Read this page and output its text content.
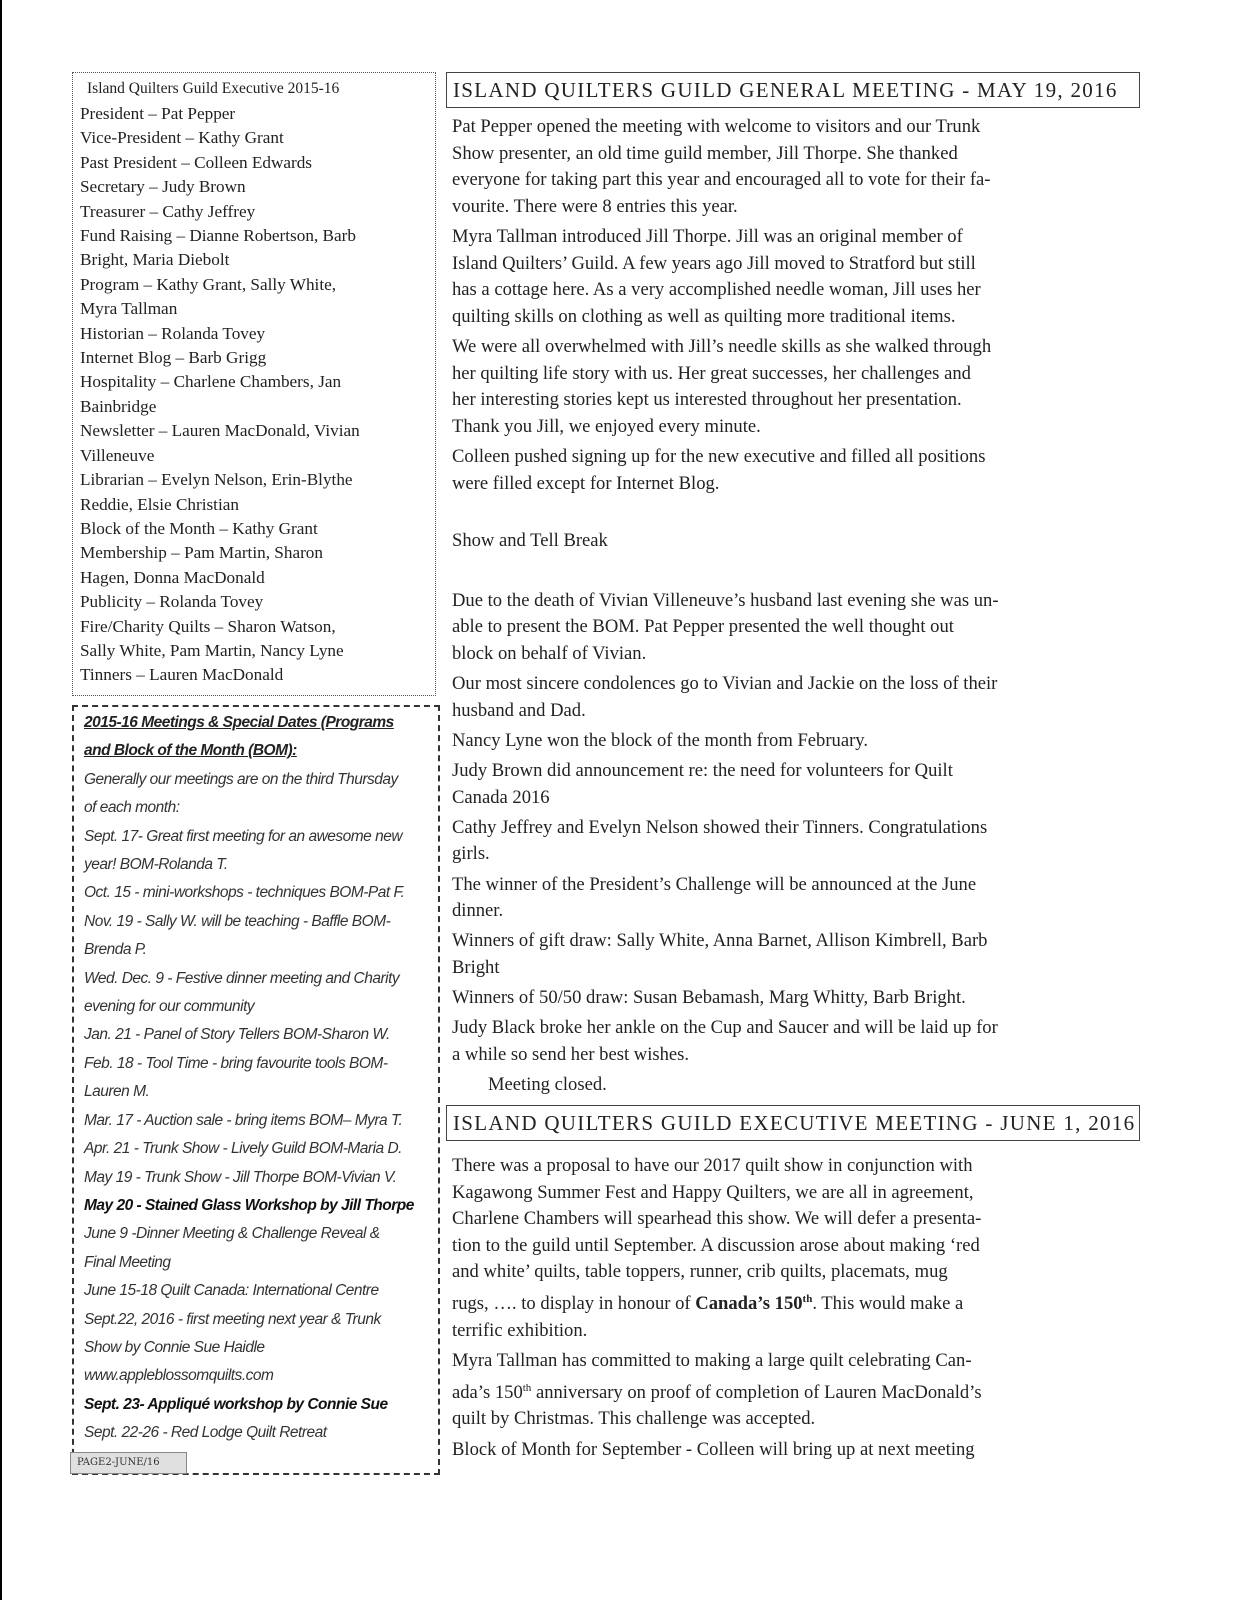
Island Quilters Guild Executive 2015-16
President – Pat Pepper
Vice-President – Kathy Grant
Past President – Colleen Edwards
Secretary – Judy Brown
Treasurer – Cathy Jeffrey
Fund Raising – Dianne Robertson, Barb
Bright, Maria Diebolt
Program – Kathy Grant, Sally White,
Myra Tallman
Historian – Rolanda Tovey
Internet Blog – Barb Grigg
Hospitality – Charlene Chambers, Jan
Bainbridge
Newsletter – Lauren MacDonald, Vivian
Villeneuve
Librarian – Evelyn Nelson, Erin-Blythe
Reddie, Elsie Christian
Block of the Month – Kathy Grant
Membership – Pam Martin, Sharon
Hagen, Donna MacDonald
Publicity – Rolanda Tovey
Fire/Charity Quilts – Sharon Watson,
Sally White, Pam Martin, Nancy Lyne
Tinners – Lauren MacDonald
2015-16 Meetings & Special Dates (Programs
and Block of the Month (BOM):
Generally our meetings are on the third Thursday
of each month:
Sept. 17- Great first meeting for an awesome new
year! BOM-Rolanda T.
Oct. 15 - mini-workshops - techniques BOM-Pat F.
Nov. 19 - Sally W. will be teaching - Baffle BOM-
Brenda P.
Wed. Dec. 9 - Festive dinner meeting and Charity
evening for our community
Jan. 21 - Panel of Story Tellers BOM-Sharon W.
Feb. 18 - Tool Time - bring favourite tools BOM-
Lauren M.
Mar. 17 - Auction sale - bring items BOM– Myra T.
Apr. 21 - Trunk Show - Lively Guild BOM-Maria D.
May 19 - Trunk Show - Jill Thorpe BOM-Vivian V.
May 20 - Stained Glass Workshop by Jill Thorpe
June 9 -Dinner Meeting & Challenge Reveal &
Final Meeting
June 15-18 Quilt Canada: International Centre
Sept.22, 2016 - first meeting next year & Trunk
Show by Connie Sue Haidle
www.appleblossomquilts.com
Sept. 23- Appliqué workshop by Connie Sue
Sept. 22-26 - Red Lodge Quilt Retreat
PAGE2-JUNE/16
ISLAND QUILTERS GUILD GENERAL MEETING - MAY 19, 2016
Pat Pepper opened the meeting with welcome to visitors and our Trunk
Show presenter, an old time guild member, Jill Thorpe. She thanked
everyone for taking part this year and encouraged all to vote for their fa-
vourite. There were 8 entries this year.
Myra Tallman introduced Jill Thorpe. Jill was an original member of
Island Quilters’ Guild. A few years ago Jill moved to Stratford but still
has a cottage here. As a very accomplished needle woman, Jill uses her
quilting skills on clothing as well as quilting more traditional items.
We were all overwhelmed with Jill’s needle skills as she walked through
her quilting life story with us. Her great successes, her challenges and
her interesting stories kept us interested throughout her presentation.
Thank you Jill, we enjoyed every minute.
Colleen pushed signing up for the new executive and filled all positions
were filled except for Internet Blog.
Show and Tell Break
Due to the death of Vivian Villeneuve’s husband last evening she was un-
able to present the BOM. Pat Pepper presented the well thought out
block on behalf of Vivian.
Our most sincere condolences go to Vivian and Jackie on the loss of their
husband and Dad.
Nancy Lyne won the block of the month from February.
Judy Brown did announcement re: the need for volunteers for Quilt
Canada 2016
Cathy Jeffrey and Evelyn Nelson showed their Tinners. Congratulations
girls.
The winner of the President’s Challenge will be announced at the June
dinner.
Winners of gift draw: Sally White, Anna Barnet, Allison Kimbrell, Barb
Bright
Winners of 50/50 draw: Susan Bebamash, Marg Whitty, Barb Bright.
Judy Black broke her ankle on the Cup and Saucer and will be laid up for
a while so send her best wishes.
Meeting closed.
ISLAND QUILTERS GUILD EXECUTIVE MEETING - JUNE 1, 2016
There was a proposal to have our 2017 quilt show in conjunction with
Kagawong Summer Fest and Happy Quilters, we are all in agreement,
Charlene Chambers will spearhead this show. We will defer a presenta-
tion to the guild until September. A discussion arose about making ‘red
and white’ quilts, table toppers, runner, crib quilts, placemats, mug
rugs, …. to display in honour of Canada’s 150th. This would make a
terrific exhibition.
Myra Tallman has committed to making a large quilt celebrating Can-
ada’s 150th anniversary on proof of completion of Lauren MacDonald’s
quilt by Christmas. This challenge was accepted.
Block of Month for September - Colleen will bring up at next meeting
